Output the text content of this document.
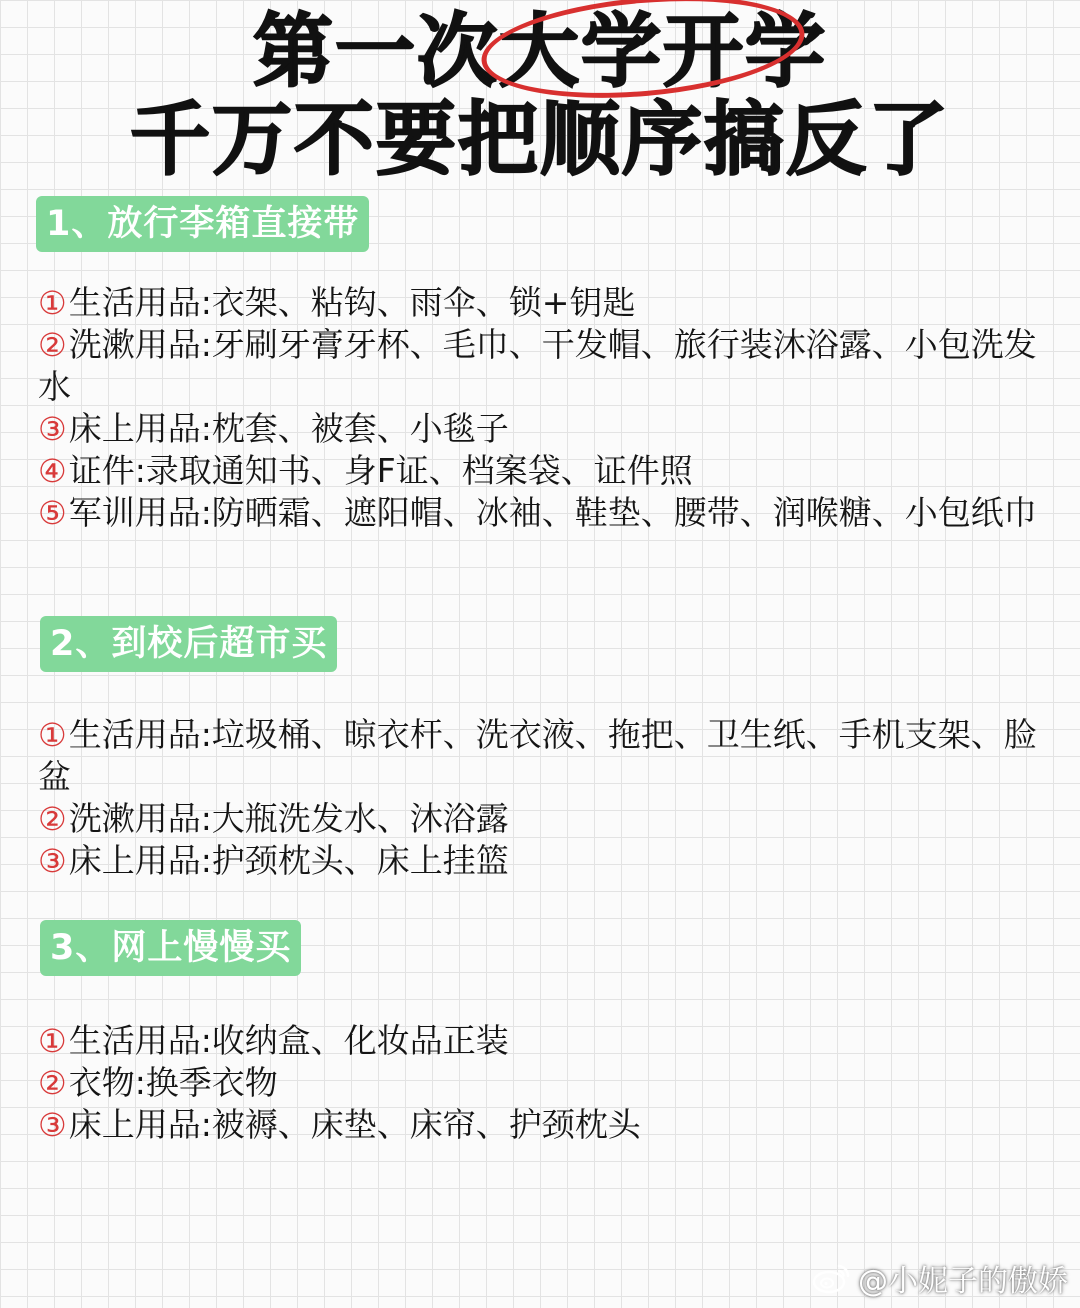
第一次大学开学
千万不要把顺序搞反了
1、放行李箱直接带
①生活用品:衣架、粘钩、雨伞、锁+钥匙
②洗漱用品:牙刷牙膏牙杯、毛巾、干发帽、旅行装沐浴露、小包洗发水
③床上用品:枕套、被套、小毯子
④证件:录取通知书、身F证、档案袋、证件照
⑤军训用品:防晒霜、遮阳帽、冰袖、鞋垫、腰带、润喉糖、小包纸巾
2、到校后超市买
①生活用品:垃圾桶、晾衣杆、洗衣液、拖把、卫生纸、手机支架、脸盆
②洗漱用品:大瓶洗发水、沐浴露
③床上用品:护颈枕头、床上挂篮
3、网上慢慢买
①生活用品:收纳盒、化妆品正装
②衣物:换季衣物
③床上用品:被褥、床垫、床帘、护颈枕头
@小妮子的傲娇
